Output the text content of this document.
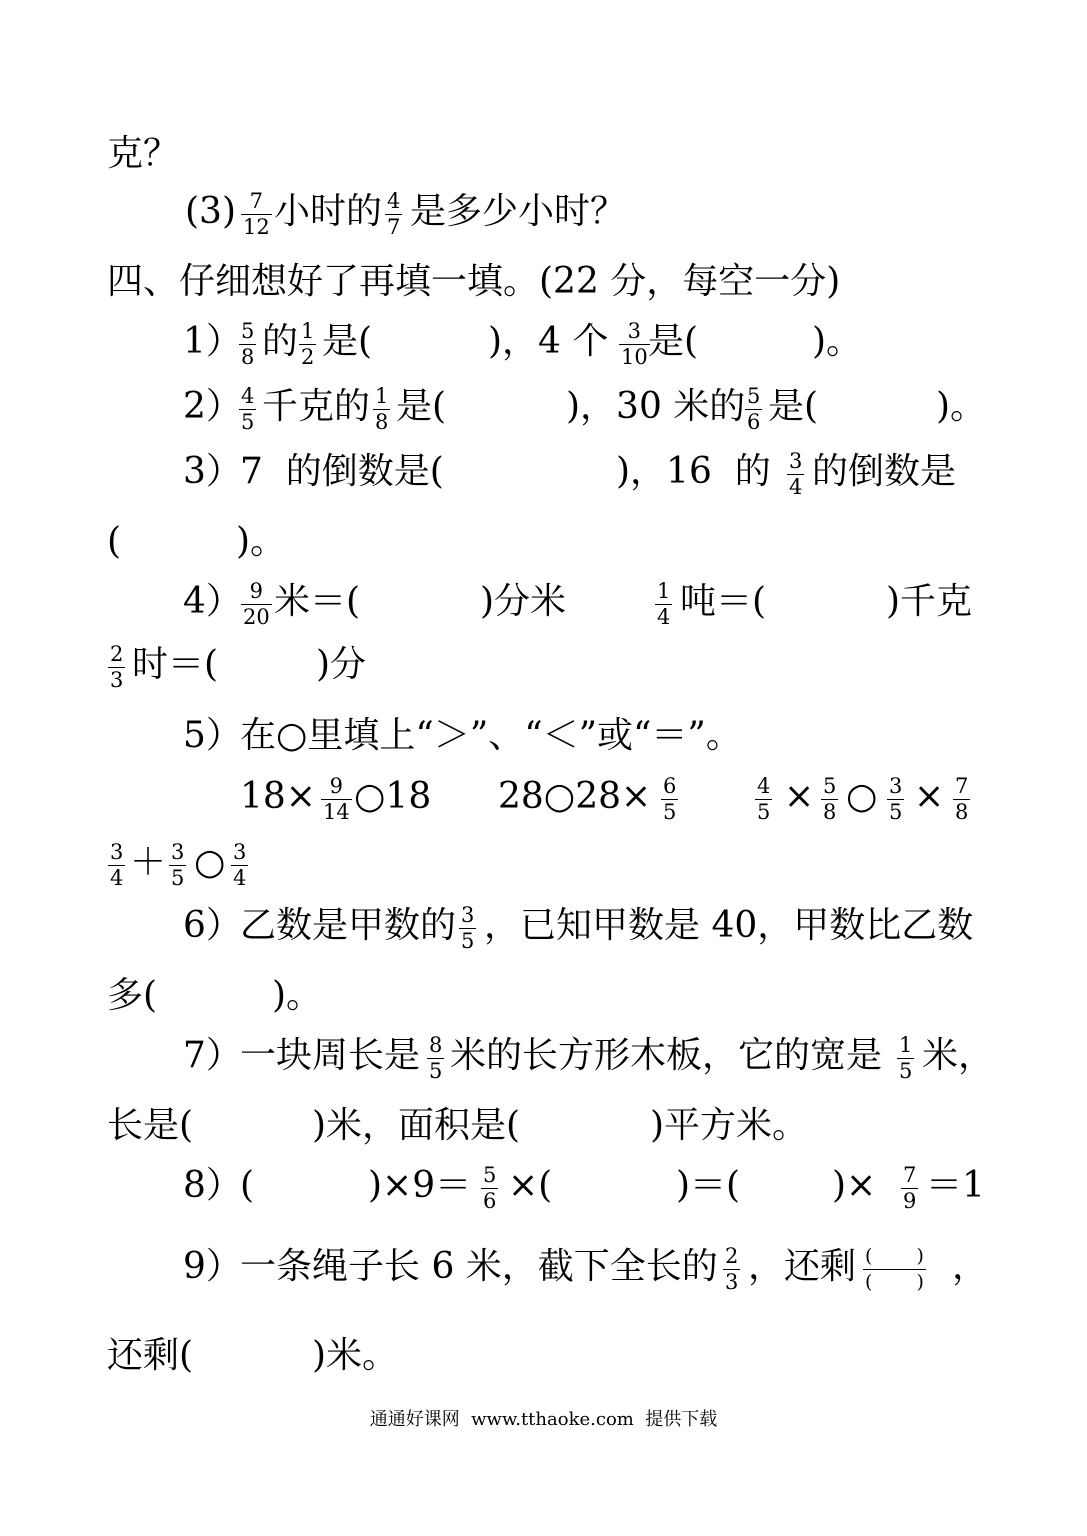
克？
$(3) \frac{7}{12}$ 小时的 $\frac{4}{7}$ 是多少小时？
四、仔细想好了再填一填。(22 分，每空一分)
1）
$\frac{5}{8}$ 的 $\frac{1}{2}$ 是(	)，4 个 $\frac{3}{10}$
是(	)。
2）
$\frac{4}{5}$ 千克的 $\frac{1}{8}$ 是(	)，30 米的 $\frac{5}{6}$ 是(	)。
3）
7  的倒数是(	)，16  的 $\frac{3}{4}$ 的倒数是
(	)。
$4) \frac{9}{20}$ 米＝(	)分米	$\frac{1}{4}$ 吨＝(	)千克
$\frac{2}{3}$ 时＝(	)分
5）
在○里填上“＞”、“＜”或“＝”。
$18\times \frac{9}{14}$ ○18 28○28× $\frac{6}{5}$	$\frac{4}{5} \times \frac{5}{8}$ ○ $\frac{3}{5} \times \frac{7}{8}$
$\frac{3}{4} + \frac{3}{5}$ ○ $\frac{3}{4}$
6）
乙数是甲数的 $\frac{3}{5}$ ，已知甲数是 40，甲数比乙数
多(	)。
7）
一块周长是 $\frac{8}{5}$ 米的长方形木板，它的宽是 $\frac{1}{5}$ 米，
长是(	)米，面积是(	)平方米。
8）
(	)$\times 9= \frac{5}{6}$ ×(	)＝(	)× $\frac{7}{9} =1$
9）
一条绳子长 6 米，截下全长的 $\frac{2}{3}$ ，还剩 $\frac{( )}{( )}$ ，
还剩(	)米。
通通好课网  www.tthaoke.com  提供下载
